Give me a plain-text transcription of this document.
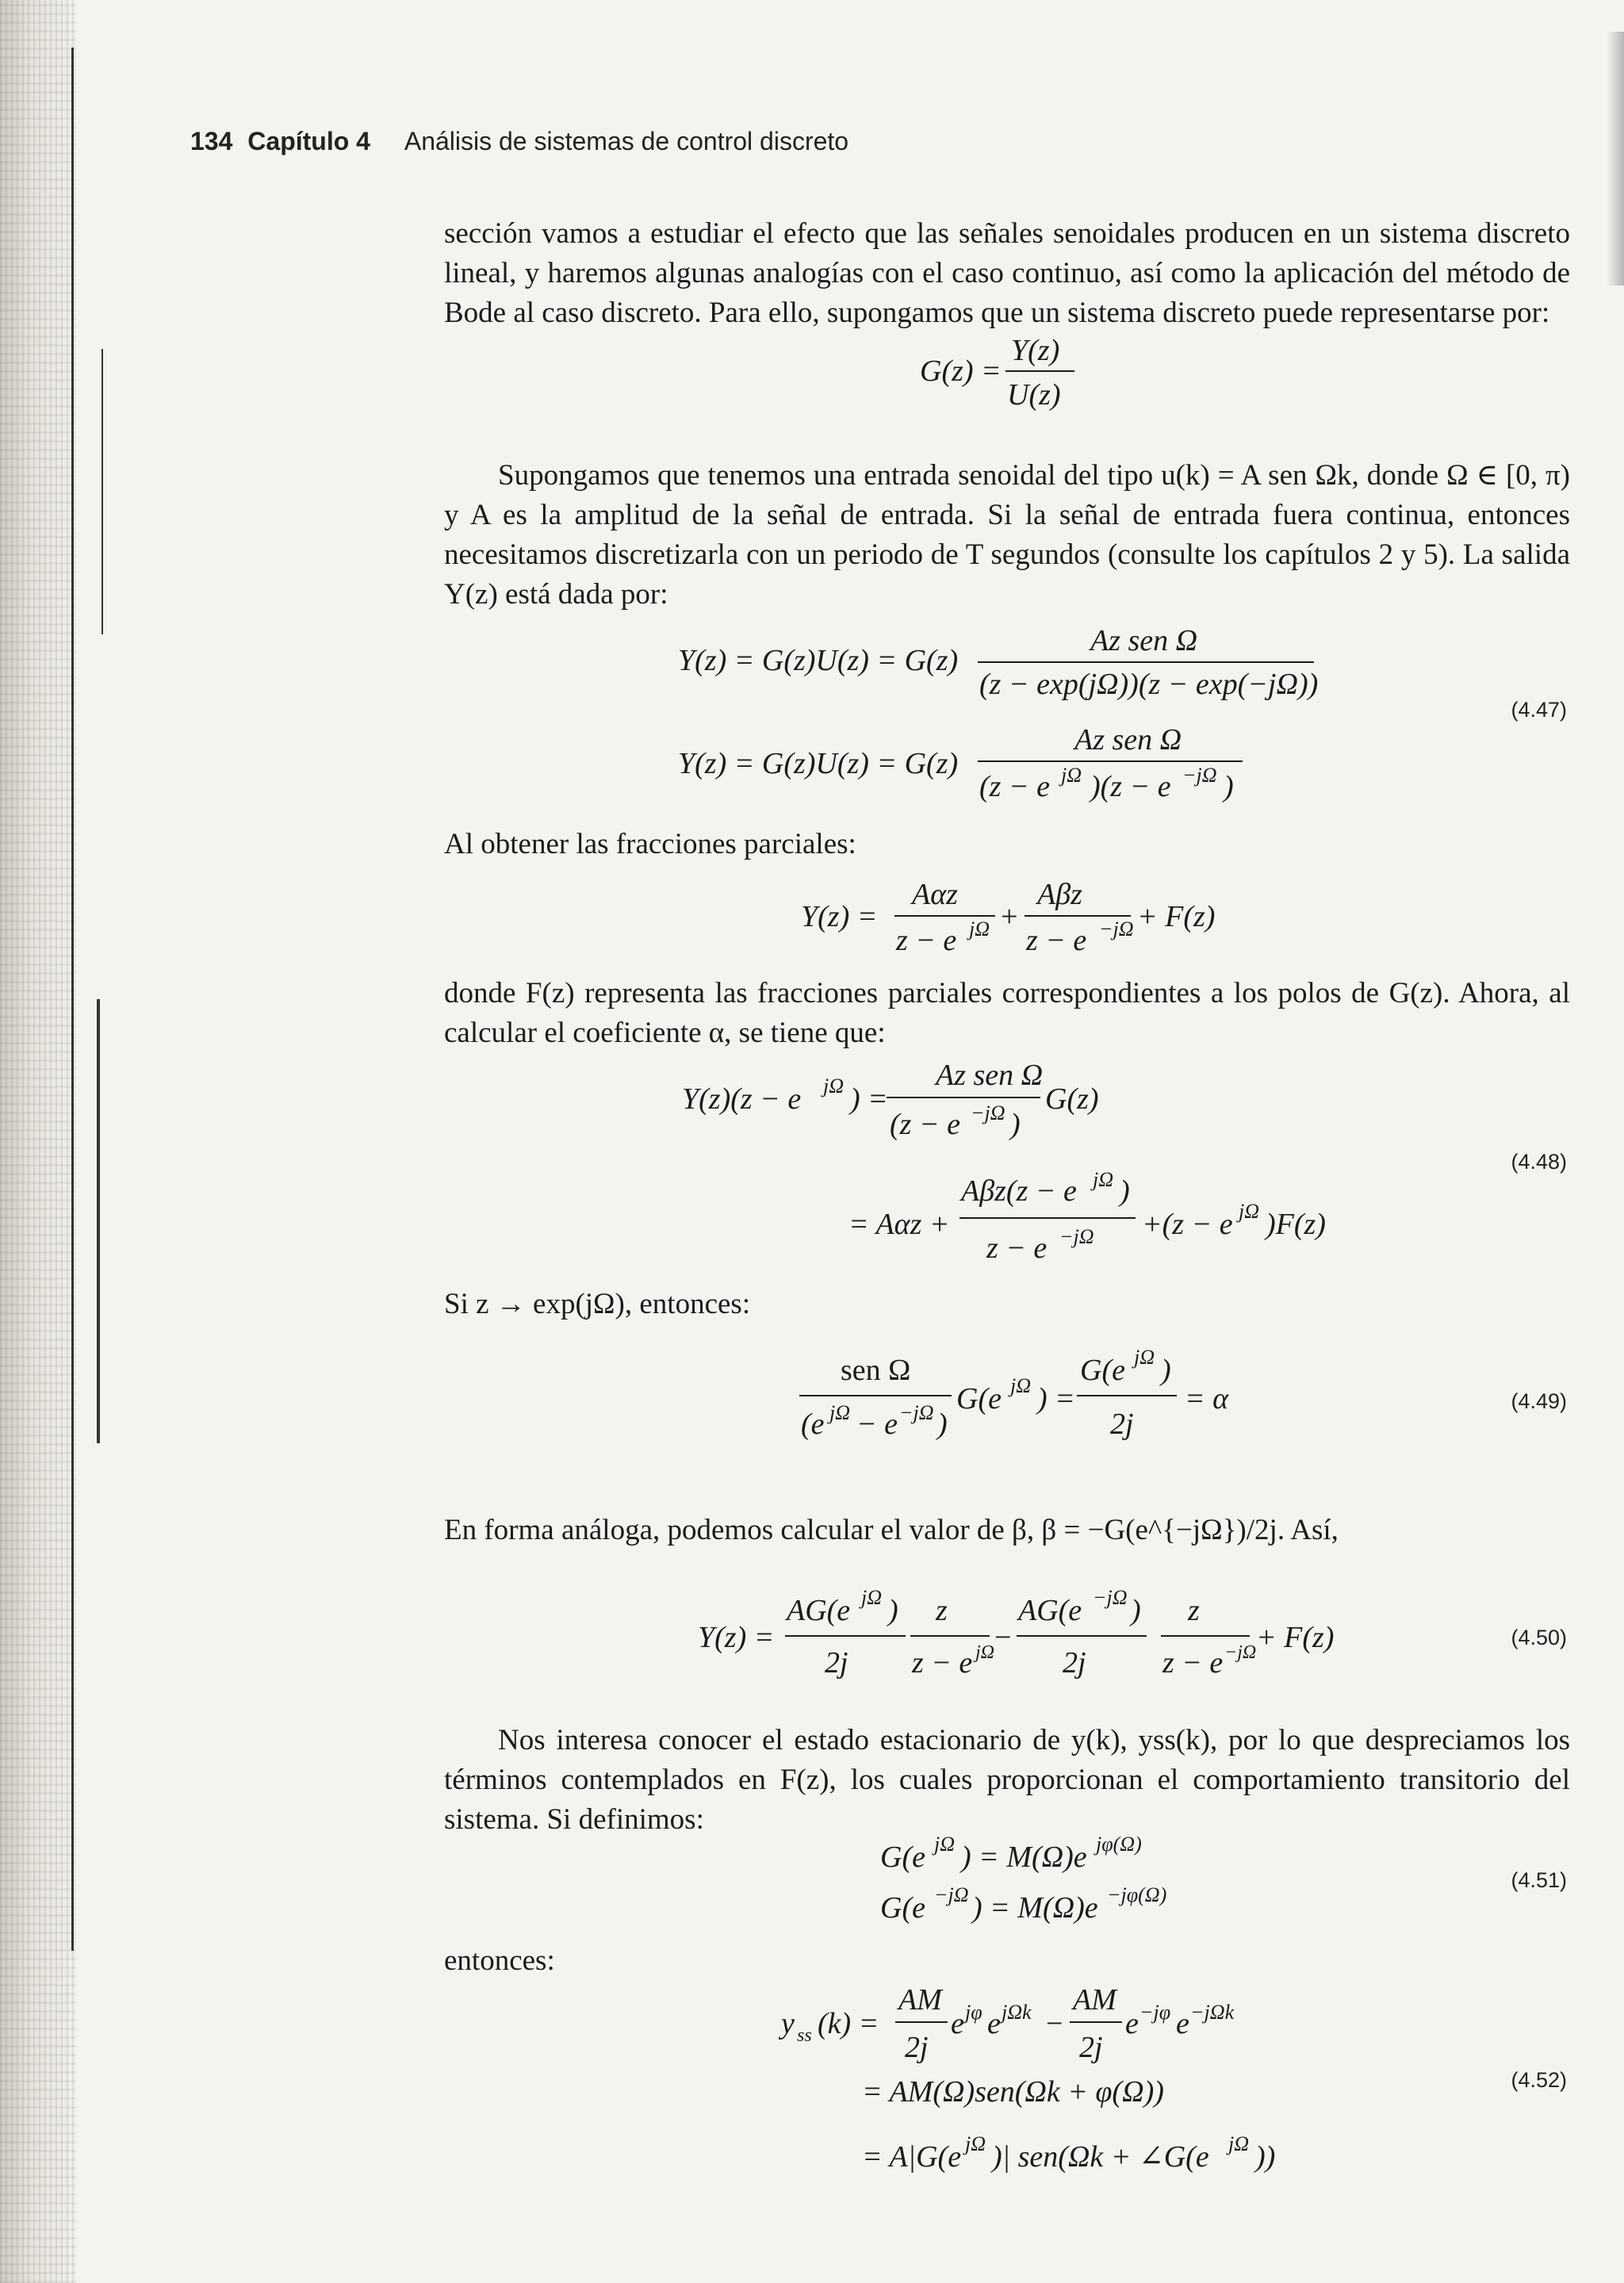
134 Capítulo 4 Análisis de sistemas de control discreto
sección vamos a estudiar el efecto que las señales senoidales producen en un sistema discreto lineal, y haremos algunas analogías con el caso continuo, así como la aplicación del método de Bode al caso discreto. Para ello, supongamos que un sistema discreto puede representarse por:
G(z) =
Y(z)
U(z)
Supongamos que tenemos una entrada senoidal del tipo u(k) = A sen Ωk, donde Ω ∈ [0, π) y A es la amplitud de la señal de entrada. Si la señal de entrada fuera continua, entonces necesitamos discretizarla con un periodo de T segundos (consulte los capítulos 2 y 5). La salida Y(z) está dada por:
Y(z) = G(z)U(z) = G(z)
Az sen Ω
(z − exp(jΩ))(z − exp(−jΩ))
Y(z) = G(z)U(z) = G(z)
Az sen Ω
(z − e jΩ )(z − e −jΩ )
(4.47)
Al obtener las fracciones parciales:
Y(z) =
Aαz
z − e jΩ +
Aβz
z − e −jΩ + F(z)
donde F(z) representa las fracciones parciales correspondientes a los polos de G(z). Ahora, al calcular el coeficiente α, se tiene que:
Y(z)(z − e jΩ ) =
Az sen Ω
(z − e −jΩ )
G(z)
= Aαz +
Aβz(z − e jΩ )
z − e −jΩ +(z − e jΩ )F(z)
(4.48)
Si z → exp(jΩ), entonces:
sen Ω
(e jΩ − e −jΩ )
G(e jΩ ) =
G(e jΩ )
2j
= α	(4.49)
En forma análoga, podemos calcular el valor de β, β = −G(e^{−jΩ})/2j. Así,
Y(z) =
AG(e jΩ )
2j
z
z − e jΩ −
AG(e −jΩ )
2j
z
z − e −jΩ + F(z)	(4.50)
Nos interesa conocer el estado estacionario de y(k), yss(k), por lo que despreciamos los términos contemplados en F(z), los cuales proporcionan el comportamiento transitorio del sistema. Si definimos:
G(e jΩ ) = M(Ω)e jφ(Ω)
G(e −jΩ ) = M(Ω)e −jφ(Ω)
(4.51)
entonces:
y ss (k) =
AM
2j
e jφ e jΩk −
AM
2j
e −jφ e −jΩk
= AM(Ω)sen(Ωk + φ(Ω))
= A|G(e jΩ )| sen(Ωk + ∠G(e jΩ ))
(4.52)
